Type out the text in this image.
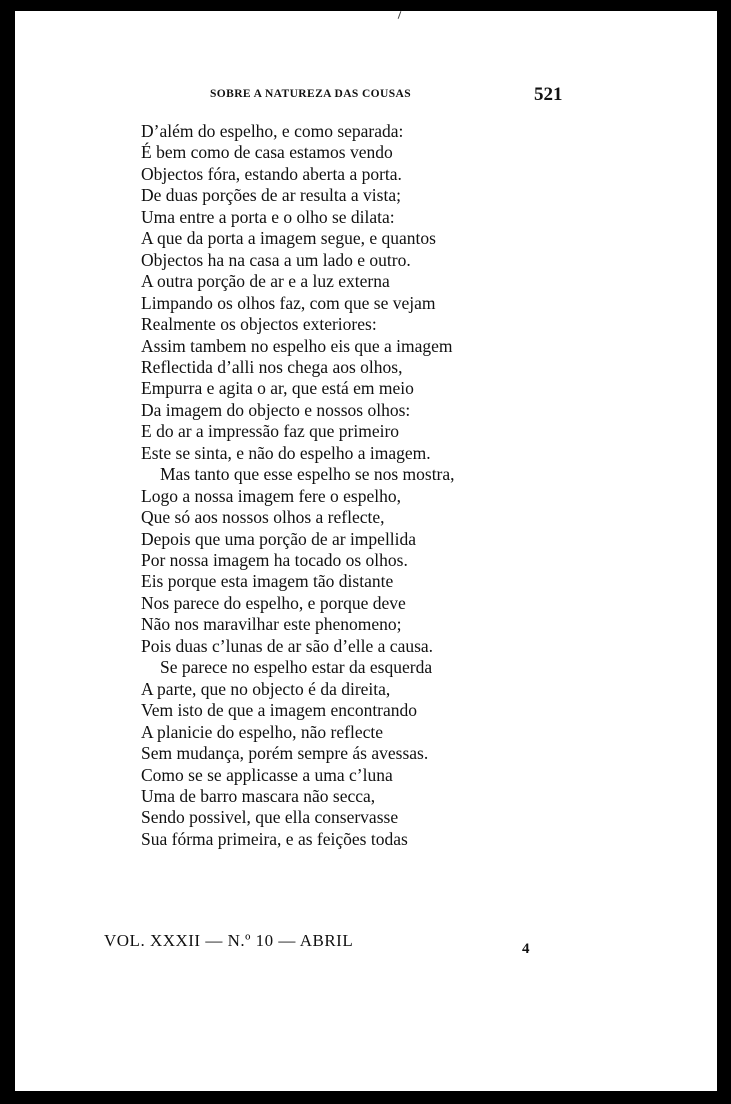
SOBRE A NATUREZA DAS COUSAS	521
D’além do espelho, e como separada:
É bem como de casa estamos vendo
Objectos fóra, estando aberta a porta.
De duas porções de ar resulta a vista;
Uma entre a porta e o olho se dilata:
A que da porta a imagem segue, e quantos
Objectos ha na casa a um lado e outro.
A outra porção de ar e a luz externa
Limpando os olhos faz, com que se vejam
Realmente os objectos exteriores:
Assim tambem no espelho eis que a imagem
Reflectida d’alli nos chega aos olhos,
Empurra e agita o ar, que está em meio
Da imagem do objecto e nossos olhos:
E do ar a impressão faz que primeiro
Este se sinta, e não do espelho a imagem.
Mas tanto que esse espelho se nos mostra,
Logo a nossa imagem fere o espelho,
Que só aos nossos olhos a reflecte,
Depois que uma porção de ar impellida
Por nossa imagem ha tocado os olhos.
Eis porque esta imagem tão distante
Nos parece do espelho, e porque deve
Não nos maravilhar este phenomeno;
Pois duas c’lunas de ar são d’elle a causa.
Se parece no espelho estar da esquerda
A parte, que no objecto é da direita,
Vem isto de que a imagem encontrando
A planicie do espelho, não reflecte
Sem mudança, porém sempre ás avessas.
Como se se applicasse a uma c’luna
Uma de barro mascara não secca,
Sendo possivel, que ella conservasse
Sua fórma primeira, e as feições todas
VOL. XXXII — N.º 10 — ABRIL	4
